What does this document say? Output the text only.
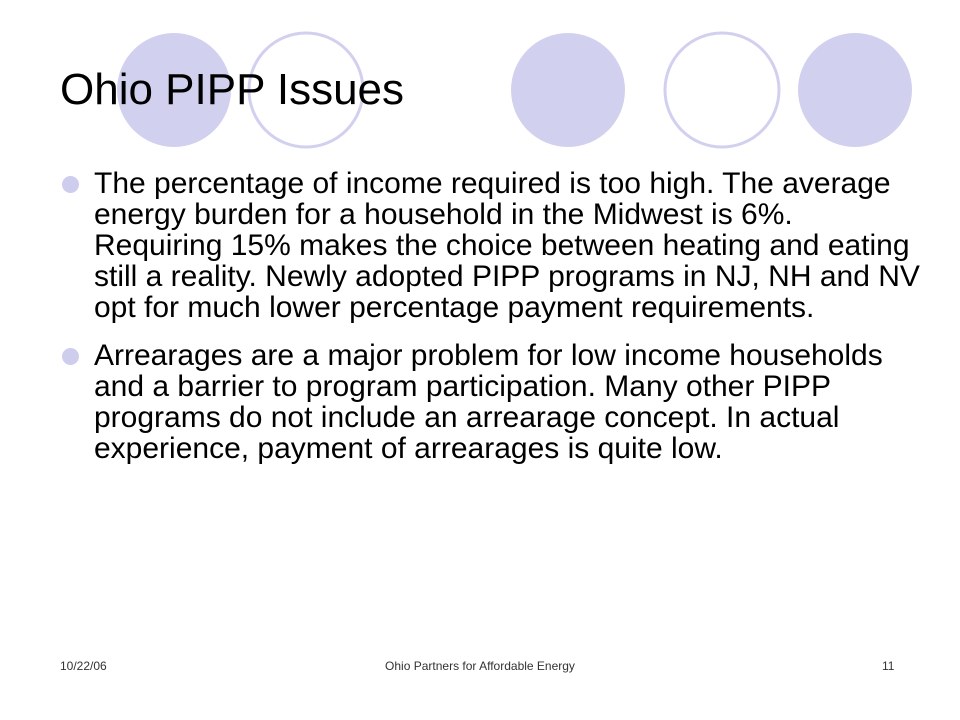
Ohio PIPP Issues
The percentage of income required is too high. The average energy burden for a household in the Midwest is 6%. Requiring 15% makes the choice between heating and eating still a reality. Newly adopted PIPP programs in NJ, NH and NV opt for much lower percentage payment requirements.
Arrearages are a major problem for low income households and a barrier to program participation. Many other PIPP programs do not include an arrearage concept. In actual experience, payment of arrearages is quite low.
10/22/06	Ohio Partners for Affordable Energy	11
